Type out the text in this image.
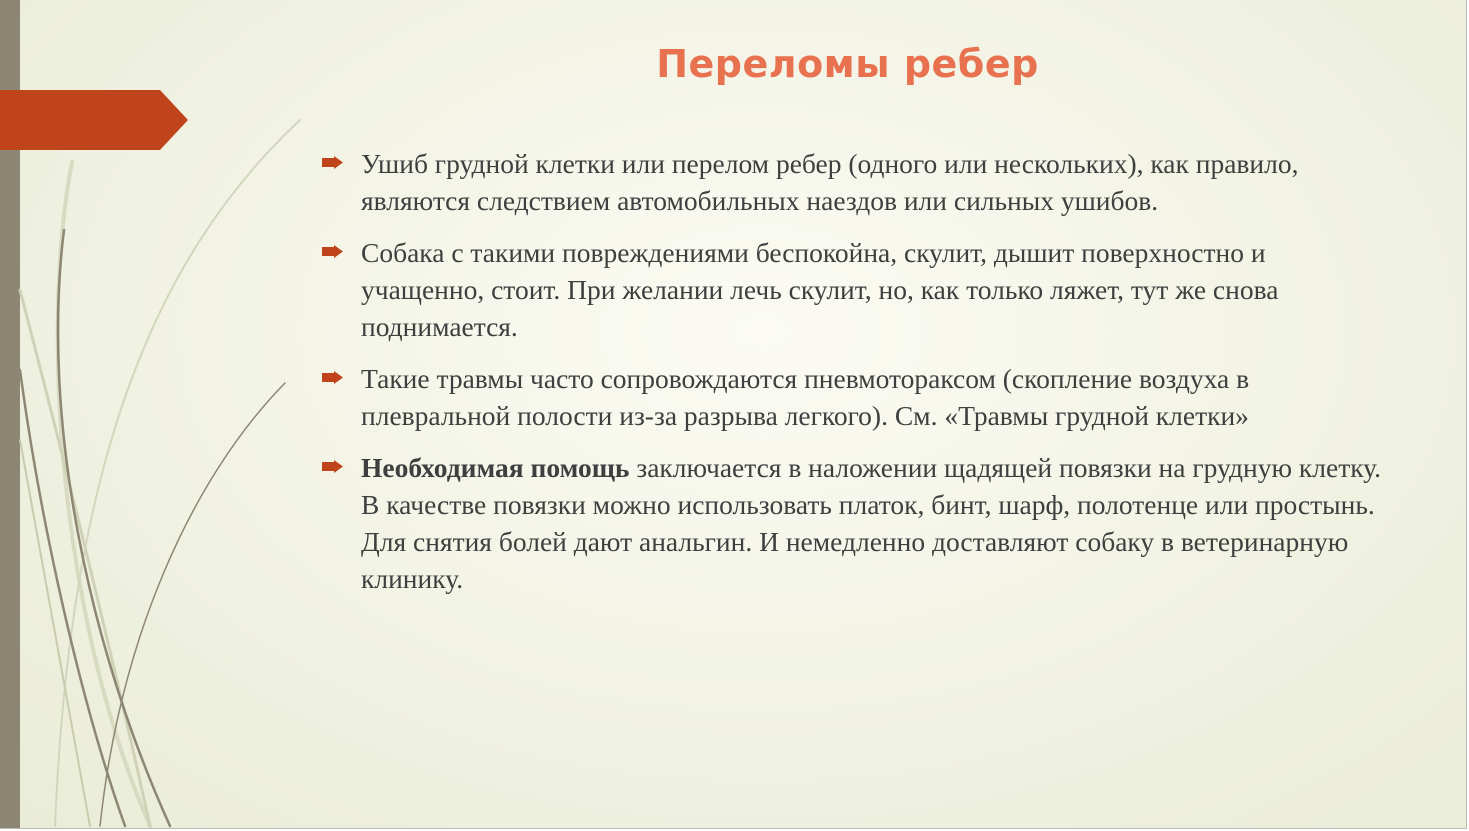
Переломы ребер
Ушиб грудной клетки или перелом ребер (одного или нескольких), как правило, являются следствием автомобильных наездов или сильных ушибов.
Собака с такими повреждениями беспокойна, скулит, дышит поверхностно и учащенно, стоит. При желании лечь скулит, но, как только ляжет, тут же снова поднимается.
Такие травмы часто сопровождаются пневмотораксом (скопление воздуха в плевральной полости из-за разрыва легкого). См. «Травмы грудной клетки»
Необходимая помощь заключается в наложении щадящей повязки на грудную клетку. В качестве повязки можно использовать платок, бинт, шарф, полотенце или простынь. Для снятия болей дают анальгин. И немедленно доставляют собаку в ветеринарную клинику.
